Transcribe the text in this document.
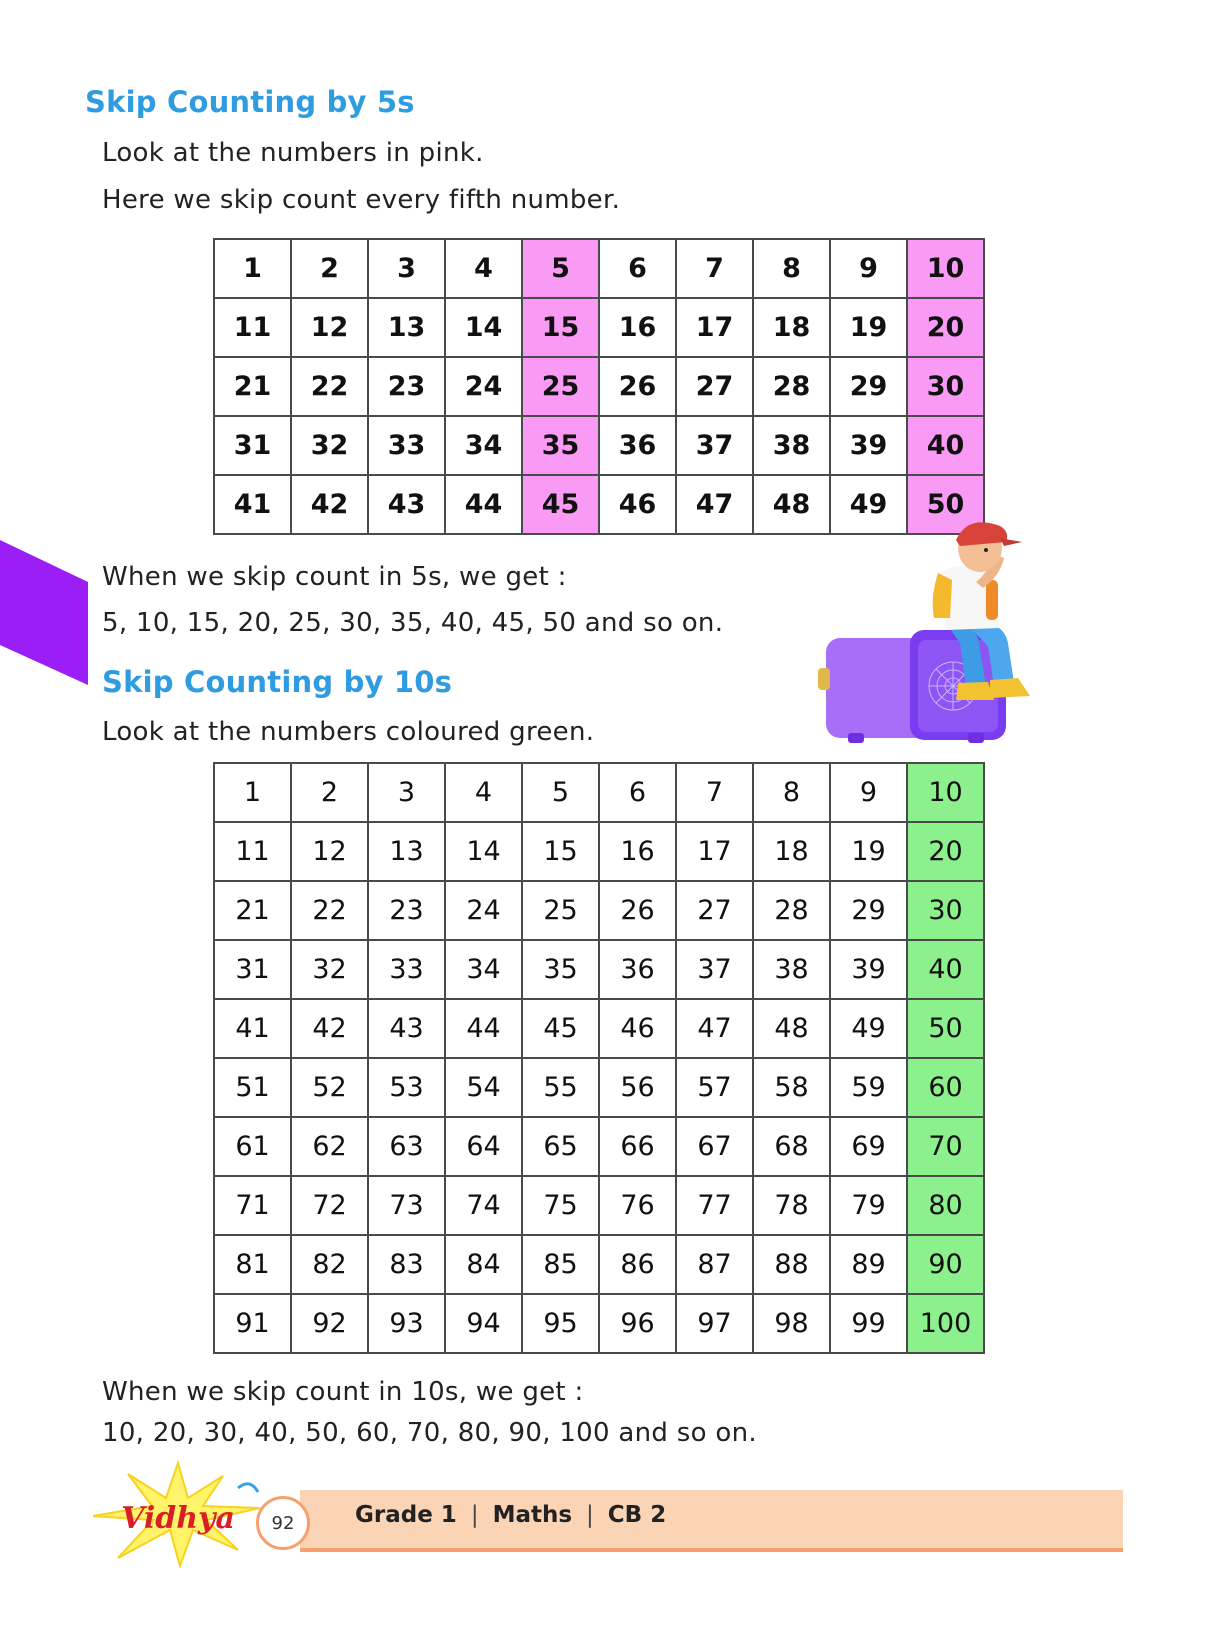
Skip Counting by 5s

Look at the numbers in pink.

Here we skip count every fifth number.

1	2	3	4	5	6	7	8	9	10
11	12	13	14	15	16	17	18	19	20
21	22	23	24	25	26	27	28	29	30
31	32	33	34	35	36	37	38	39	40
41	42	43	44	45	46	47	48	49	50

When we skip count in 5s, we get :

5, 10, 15, 20, 25, 30, 35, 40, 45, 50 and so on.

Skip Counting by 10s

Look at the numbers coloured green.

1	2	3	4	5	6	7	8	9	10
11	12	13	14	15	16	17	18	19	20
21	22	23	24	25	26	27	28	29	30
31	32	33	34	35	36	37	38	39	40
41	42	43	44	45	46	47	48	49	50
51	52	53	54	55	56	57	58	59	60
61	62	63	64	65	66	67	68	69	70
71	72	73	74	75	76	77	78	79	80
81	82	83	84	85	86	87	88	89	90
91	92	93	94	95	96	97	98	99	100

When we skip count in 10s, we get :

10, 20, 30, 40, 50, 60, 70, 80, 90, 100 and so on.

Vidhya	92	Grade 1 | Maths | CB 2
